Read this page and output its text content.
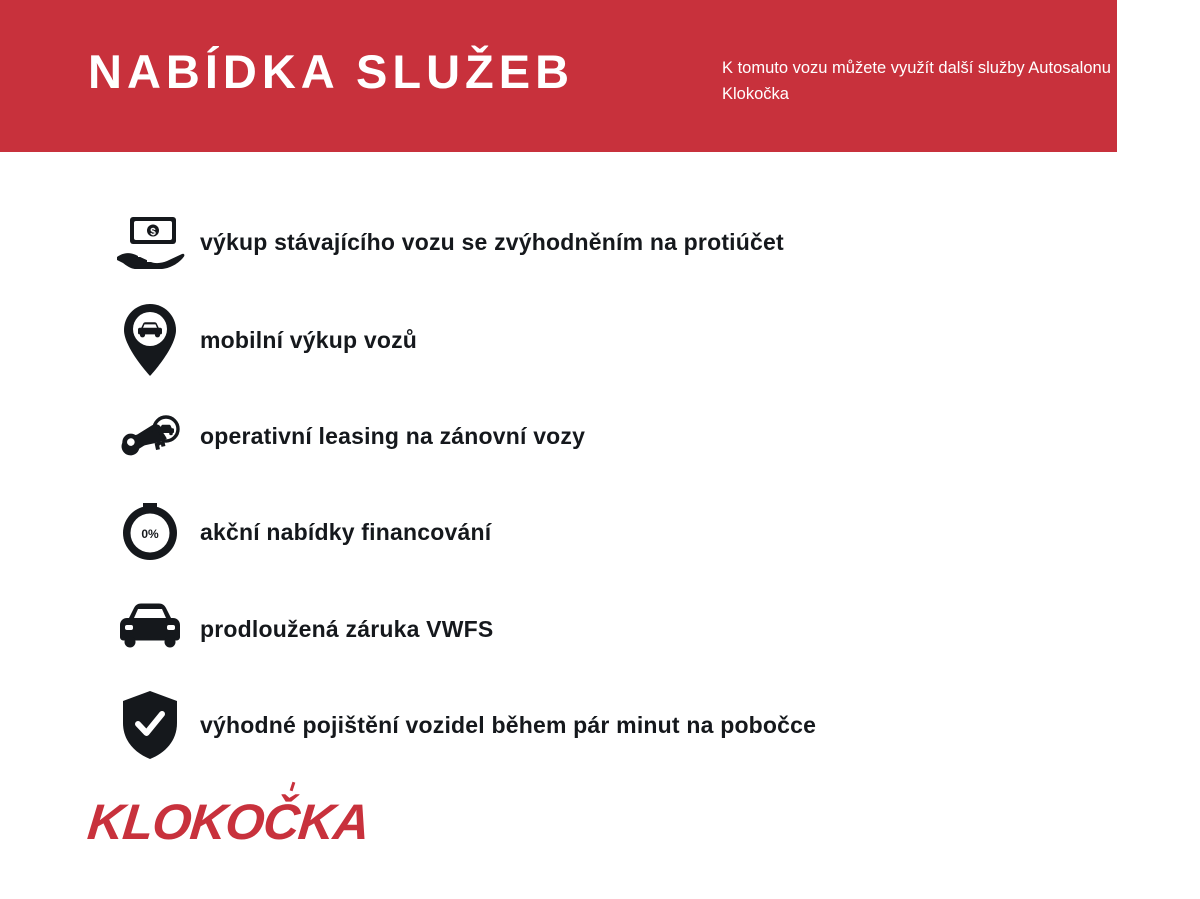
NABÍDKA SLUŽEB	K tomuto vozu můžete využít další služby Autosalonu Klokočka
$ výkup stávajícího vozu se zvýhodněním na protiúčet
mobilní výkup vozů
operativní leasing na zánovní vozy
0% akční nabídky financování
prodloužená záruka VWFS
výhodné pojištění vozidel během pár minut na pobočce
KLOKOČKA
